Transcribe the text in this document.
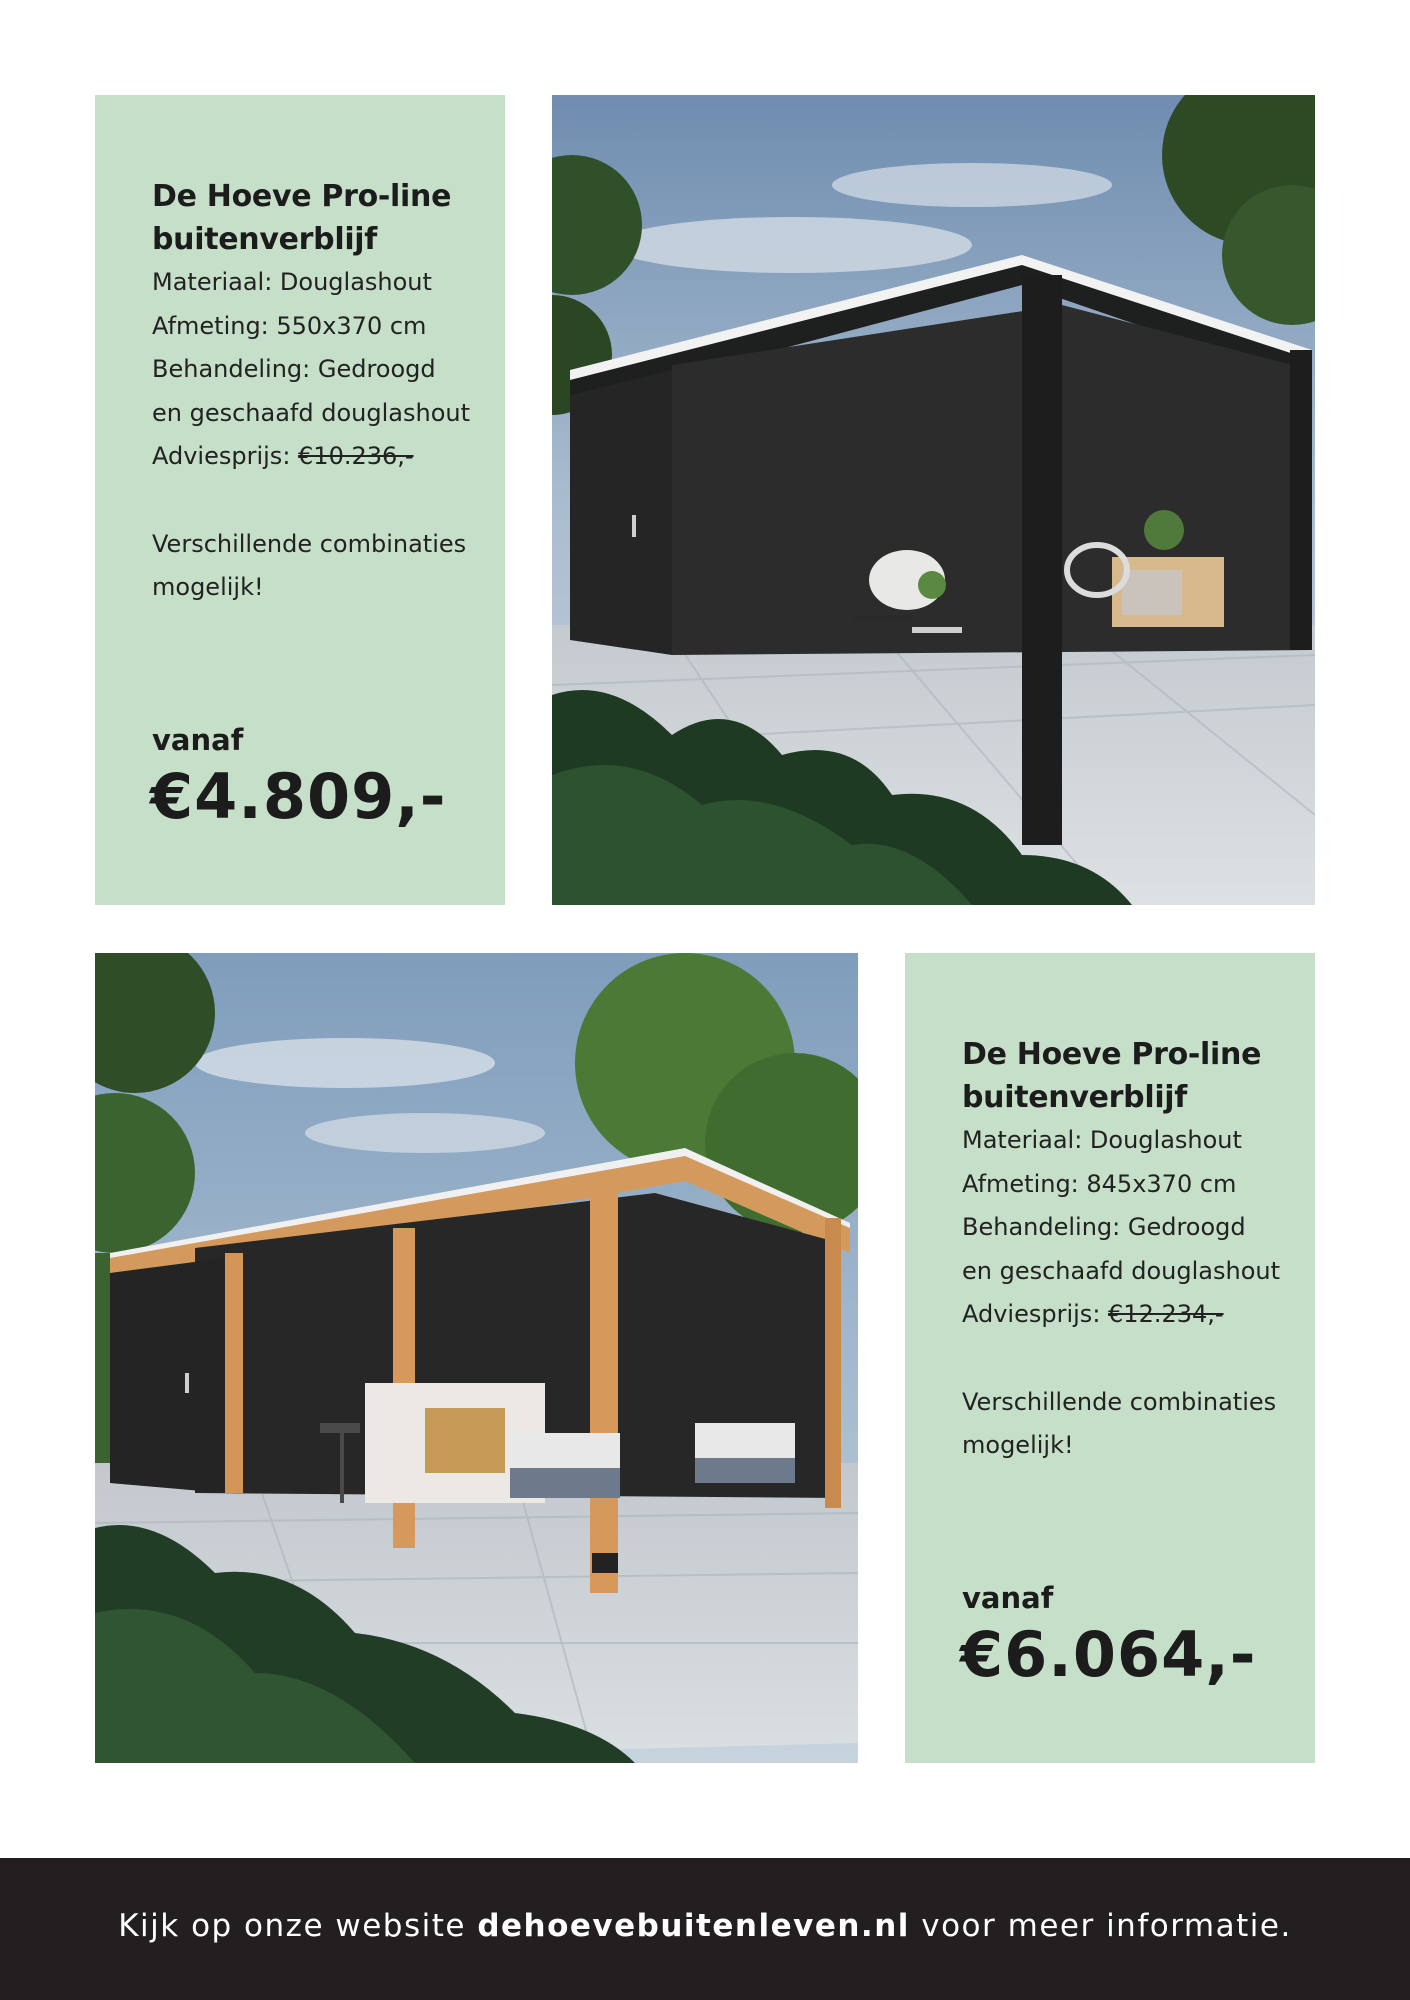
De Hoeve Pro-line
buitenverblijf
Materiaal: Douglashout
Afmeting: 550x370 cm
Behandeling: Gedroogd
en geschaafd douglashout
Adviesprijs: €10.236,-
Verschillende combinaties
mogelijk!
vanaf
€4.809,-
De Hoeve Pro-line
buitenverblijf
Materiaal: Douglashout
Afmeting: 845x370 cm
Behandeling: Gedroogd
en geschaafd douglashout
Adviesprijs: €12.234,-
Verschillende combinaties
mogelijk!
vanaf
€6.064,-
Kijk op onze website dehoevebuitenleven.nl voor meer informatie.
